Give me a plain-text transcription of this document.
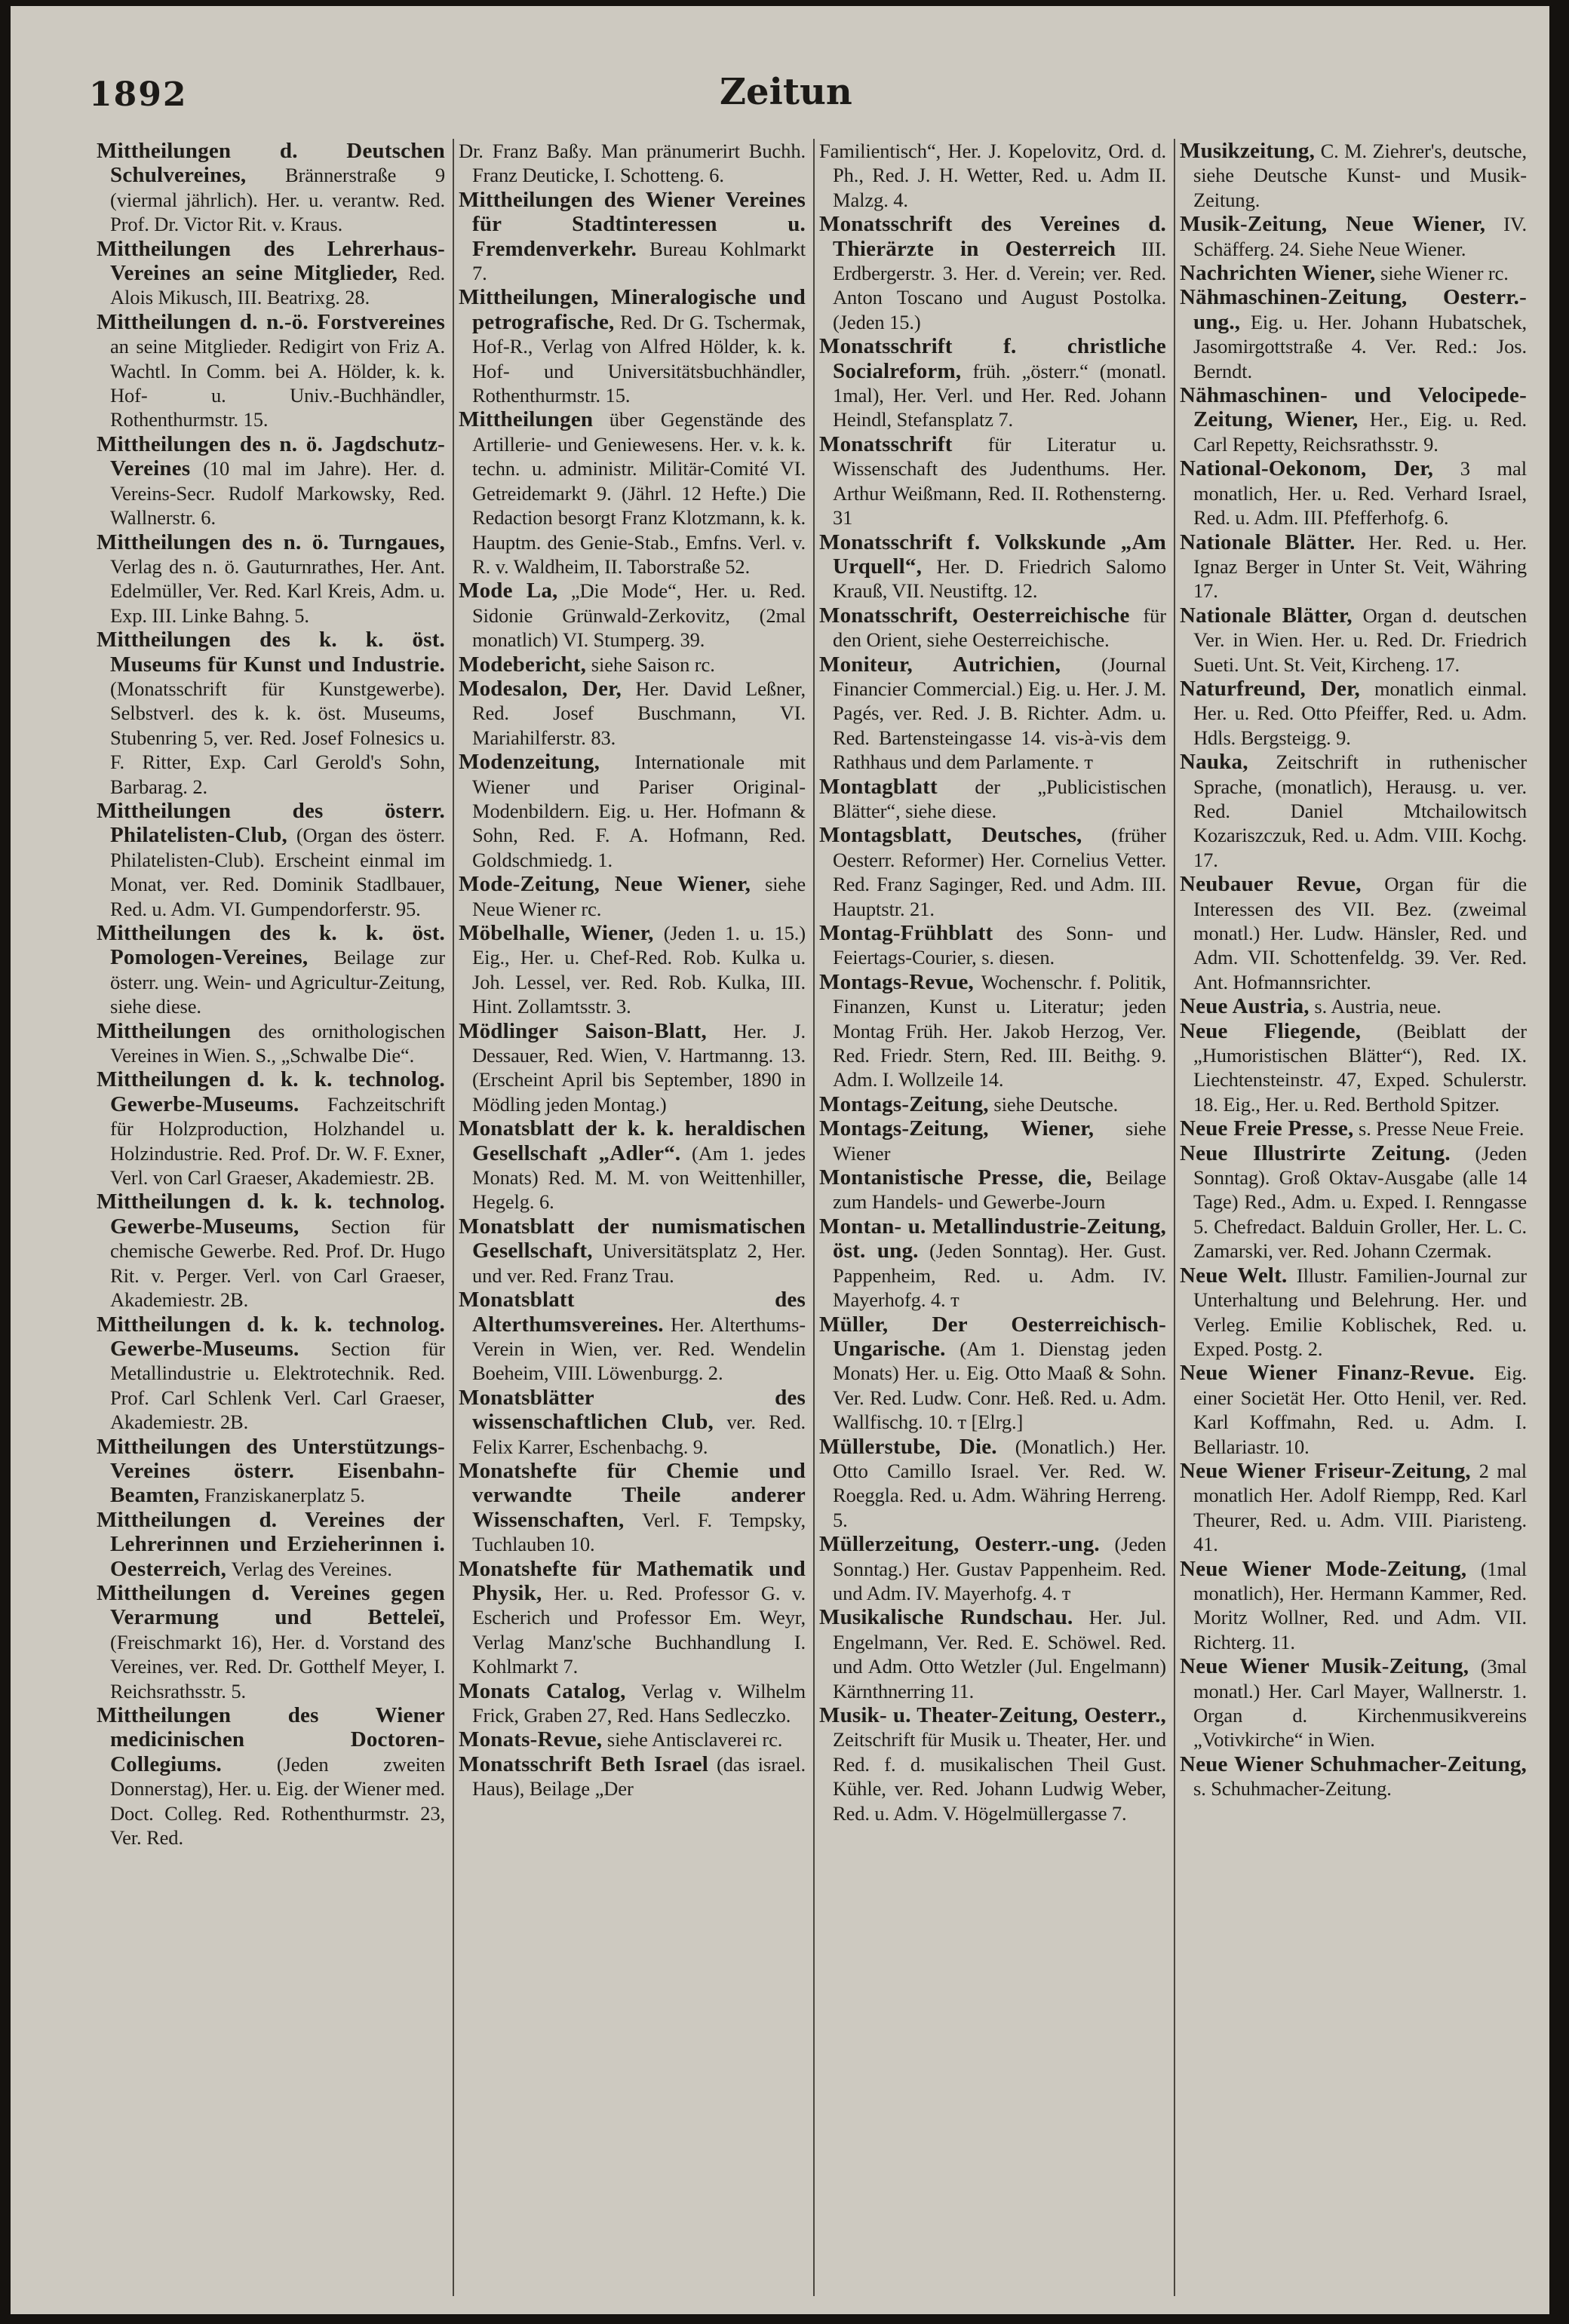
1892	Zeitun

Mittheilungen d. Deutschen Schulvereines, Brännerstraße 9 (viermal jährlich). Her. u. verantw. Red. Prof. Dr. Victor Rit. v. Kraus.

Mittheilungen des Lehrerhaus-Vereines an seine Mitglieder, Red. Alois Mikusch, III. Beatrixg. 28.

Mittheilungen d. n.-ö. Forstvereines an seine Mitglieder. Redigirt von Friz A. Wachtl. In Comm. bei A. Hölder, k. k. Hof- u. Univ.-Buchhändler, Rothenthurmstr. 15.

Mittheilungen des n. ö. Jagdschutz-Vereines (10 mal im Jahre). Her. d. Vereins-Secr. Rudolf Markowsky, Red. Wallnerstr. 6.

Mittheilungen des n. ö. Turngaues, Verlag des n. ö. Gauturnrathes, Her. Ant. Edelmüller, Ver. Red. Karl Kreis, Adm. u. Exp. III. Linke Bahng. 5.

Mittheilungen des k. k. öst. Museums für Kunst und Industrie. (Monatsschrift für Kunstgewerbe). Selbstverl. des k. k. öst. Museums, Stubenring 5, ver. Red. Josef Folnesics u. F. Ritter, Exp. Carl Gerold's Sohn, Barbarag. 2.

Mittheilungen des österr. Philatelisten-Club, (Organ des österr. Philatelisten-Club). Erscheint einmal im Monat, ver. Red. Dominik Stadlbauer, Red. u. Adm. VI. Gumpendorferstr. 95.

Mittheilungen des k. k. öst. Pomologen-Vereines, Beilage zur österr. ung. Wein- und Agricultur-Zeitung, siehe diese.

Mittheilungen des ornithologischen Vereines in Wien. S., „Schwalbe Die“.

Mittheilungen d. k. k. technolog. Gewerbe-Museums. Fachzeitschrift für Holzproduction, Holzhandel u. Holzindustrie. Red. Prof. Dr. W. F. Exner, Verl. von Carl Graeser, Akademiestr. 2B.

Mittheilungen d. k. k. technolog. Gewerbe-Museums, Section für chemische Gewerbe. Red. Prof. Dr. Hugo Rit. v. Perger. Verl. von Carl Graeser, Akademiestr. 2B.

Mittheilungen d. k. k. technolog. Gewerbe-Museums. Section für Metallindustrie u. Elektrotechnik. Red. Prof. Carl Schlenk Verl. Carl Graeser, Akademiestr. 2B.

Mittheilungen des Unterstützungs-Vereines österr. Eisenbahn-Beamten, Franziskanerplatz 5.

Mittheilungen d. Vereines der Lehrerinnen und Erzieherinnen i. Oesterreich, Verlag des Vereines.

Mittheilungen d. Vereines gegen Verarmung und Betteleï, (Freischmarkt 16), Her. d. Vorstand des Vereines, ver. Red. Dr. Gotthelf Meyer, I. Reichsrathsstr. 5.

Mittheilungen des Wiener medicinischen Doctoren-Collegiums.	(Jeden zweiten Donnerstag), Her. u. Eig. der Wiener med. Doct. Colleg. Red. Rothenthurmstr. 23, Ver. Red.

Dr. Franz Baßy. Man pränumerirt Buchh. Franz Deuticke, I. Schotteng. 6.

Mittheilungen des Wiener Vereines für Stadtinteressen u. Fremdenverkehr. Bureau Kohlmarkt 7.

Mittheilungen, Mineralogische und petrografische, Red. Dr G. Tschermak, Hof-R., Verlag von Alfred Hölder, k. k. Hof- und Universitätsbuchhändler, Rothenthurmstr. 15.

Mittheilungen über Gegenstände des Artillerie- und Geniewesens. Her. v. k. k. techn. u. administr. Militär-Comité VI. Getreidemarkt 9. (Jährl. 12 Hefte.) Die Redaction besorgt Franz Klotzmann, k. k. Hauptm. des Genie-Stab., Emfns. Verl. v. R. v. Waldheim, II. Taborstraße 52.

Mode La, „Die Mode“, Her. u. Red. Sidonie Grünwald-Zerkovitz, (2mal monatlich) VI. Stumperg. 39.

Modebericht, siehe Saison rc.

Modesalon, Der, Her. David Leßner, Red. Josef Buschmann, VI. Mariahilferstr. 83.

Modenzeitung, Internationale mit Wiener und Pariser Original-Modenbildern. Eig. u. Her. Hofmann & Sohn, Red. F. A. Hofmann, Red. Goldschmiedg. 1.

Mode-Zeitung, Neue Wiener, siehe Neue Wiener rc.

Möbelhalle, Wiener, (Jeden 1. u. 15.) Eig., Her. u. Chef-Red. Rob. Kulka u. Joh. Lessel, ver. Red. Rob. Kulka, III. Hint. Zollamtsstr. 3.

Mödlinger Saison-Blatt, Her. J. Dessauer, Red. Wien, V. Hartmanng. 13. (Erscheint April bis September, 1890 in Mödling jeden Montag.)

Monatsblatt der k. k. heraldischen Gesellschaft „Adler“. (Am 1. jedes Monats) Red. M. M. von Weittenhiller, Hegelg. 6.

Monatsblatt der numismatischen Gesellschaft, Universitätsplatz 2, Her. und ver. Red. Franz Trau.

Monatsblatt des Alterthumsvereines. Her. Alterthums-Verein in Wien, ver. Red. Wendelin Boeheim, VIII. Löwenburgg. 2.

Monatsblätter des wissenschaftlichen Club, ver. Red. Felix Karrer, Eschenbachg. 9.

Monatshefte für Chemie und verwandte Theile anderer Wissenschaften, Verl. F. Tempsky, Tuchlauben 10.

Monatshefte für Mathematik und Physik, Her. u. Red. Professor G. v. Escherich und Professor Em. Weyr, Verlag Manz'sche Buchhandlung I. Kohlmarkt 7.

Monats Catalog, Verlag v. Wilhelm Frick, Graben 27, Red. Hans Sedleczko.

Monats-Revue, siehe Antisclaverei rc.

Monatsschrift Beth Israel (das israel. Haus), Beilage „Der

Familientisch“, Her. J. Kopelovitz, Ord. d. Ph., Red. J. H. Wetter, Red. u. Adm II. Malzg. 4.

Monatsschrift des Vereines d. Thierärzte in Oesterreich III. Erdbergerstr. 3. Her. d. Verein; ver. Red. Anton Toscano und August Postolka. (Jeden 15.)

Monatsschrift f. christliche Socialreform, früh. „österr.“ (monatl. 1mal), Her. Verl. und Her. Red. Johann Heindl, Stefansplatz 7.

Monatsschrift für Literatur u. Wissenschaft des Judenthums. Her. Arthur Weißmann, Red. II. Rothensterng. 31

Monatsschrift f. Volkskunde „Am Urquell“, Her. D. Friedrich Salomo Krauß, VII. Neustiftg. 12.

Monatsschrift, Oesterreichische für den Orient, siehe Oesterreichische.

Moniteur, Autrichien, (Journal Financier Commercial.) Eig. u. Her. J. M. Pagés, ver. Red. J. B. Richter. Adm. u. Red. Bartensteingasse 14. vis-à-vis dem Rathhaus und dem Parlamente. ᴛ

Montagblatt der „Publicistischen Blätter“, siehe diese.

Montagsblatt, Deutsches, (früher Oesterr. Reformer) Her. Cornelius Vetter. Red. Franz Saginger, Red. und Adm. III. Hauptstr. 21.

Montag-Frühblatt des Sonn- und Feiertags-Courier, s. diesen.

Montags-Revue, Wochenschr. f. Politik, Finanzen, Kunst u. Literatur; jeden Montag Früh. Her. Jakob Herzog, Ver. Red. Friedr. Stern, Red. III. Beithg. 9. Adm. I. Wollzeile 14.

Montags-Zeitung, siehe Deutsche.

Montags-Zeitung, Wiener, siehe Wiener

Montanistische Presse, die, Beilage zum Handels- und Gewerbe-Journ

Montan- u. Metallindustrie-Zeitung, öst. ung. (Jeden Sonntag). Her. Gust. Pappenheim, Red. u. Adm. IV. Mayerhofg. 4. ᴛ

Müller, Der Oesterreichisch-Ungarische. (Am 1. Dienstag jeden Monats) Her. u. Eig. Otto Maaß & Sohn. Ver. Red. Ludw. Conr. Heß. Red. u. Adm. Wallfischg. 10. ᴛ [Elrg.]

Müllerstube, Die. (Monatlich.) Her. Otto Camillo Israel. Ver. Red. W. Roeggla. Red. u. Adm. Währing Herreng. 5.

Müllerzeitung, Oesterr.-ung. (Jeden Sonntag.) Her. Gustav Pappenheim. Red. und Adm. IV. Mayerhofg. 4. ᴛ

Musikalische Rundschau. Her. Jul. Engelmann, Ver. Red. E. Schöwel. Red. und Adm. Otto Wetzler (Jul. Engelmann) Kärnthnerring 11.

Musik- u. Theater-Zeitung, Oesterr., Zeitschrift für Musik u. Theater, Her. und Red. f. d. musikalischen Theil Gust. Kühle, ver. Red. Johann Ludwig Weber, Red. u. Adm. V. Högelmüllergasse 7.

Musikzeitung, C. M. Ziehrer's, deutsche, siehe Deutsche Kunst- und Musik-Zeitung.

Musik-Zeitung, Neue Wiener, IV. Schäfferg. 24. Siehe Neue Wiener.

Nachrichten Wiener, siehe Wiener rc.

Nähmaschinen-Zeitung, Oesterr.-ung., Eig. u. Her. Johann Hubatschek, Jasomirgottstraße 4. Ver. Red.: Jos. Berndt.

Nähmaschinen- und Velocipede-Zeitung, Wiener, Her., Eig. u. Red. Carl Repetty, Reichsrathsstr. 9.

National-Oekonom, Der, 3 mal monatlich, Her. u. Red. Verhard Israel, Red. u. Adm. III. Pfefferhofg. 6.

Nationale Blätter. Her. Red. u. Her. Ignaz Berger in Unter St. Veit, Währing 17.

Nationale Blätter, Organ d. deutschen Ver. in Wien. Her. u. Red. Dr. Friedrich Sueti. Unt. St. Veit, Kircheng. 17.

Naturfreund, Der, monatlich einmal. Her. u. Red. Otto Pfeiffer, Red. u. Adm. Hdls. Bergsteigg. 9.

Nauka, Zeitschrift in ruthenischer Sprache, (monatlich), Herausg. u. ver. Red. Daniel Mtchailowitsch Kozariszczuk, Red. u. Adm. VIII. Kochg. 17.

Neubauer Revue, Organ für die Interessen des VII. Bez. (zweimal monatl.) Her. Ludw. Hänsler, Red. und Adm. VII. Schottenfeldg. 39. Ver. Red. Ant. Hofmannsrichter.

Neue Austria, s. Austria, neue.

Neue Fliegende, (Beiblatt der „Humoristischen Blätter“), Red. IX. Liechtensteinstr. 47, Exped. Schulerstr. 18. Eig., Her. u. Red. Berthold Spitzer.

Neue Freie Presse, s. Presse Neue Freie.

Neue Illustrirte Zeitung. (Jeden Sonntag). Groß Oktav-Ausgabe (alle 14 Tage) Red., Adm. u. Exped. I. Renngasse 5. Chefredact. Balduin Groller, Her. L. C. Zamarski, ver. Red. Johann Czermak.

Neue Welt. Illustr. Familien-Journal zur Unterhaltung und Belehrung. Her. und Verleg. Emilie Koblischek, Red. u. Exped. Postg. 2.

Neue Wiener Finanz-Revue. Eig. einer Societät Her. Otto Henil, ver. Red. Karl Koffmahn, Red. u. Adm. I. Bellariastr. 10.

Neue Wiener Friseur-Zeitung, 2 mal monatlich Her. Adolf Riempp, Red. Karl Theurer, Red. u. Adm. VIII. Piaristeng. 41.

Neue Wiener Mode-Zeitung, (1mal monatlich), Her. Hermann Kammer, Red. Moritz Wollner, Red. und Adm. VII. Richterg. 11.

Neue Wiener Musik-Zeitung, (3mal monatl.) Her. Carl Mayer, Wallnerstr. 1. Organ d. Kirchenmusikvereins „Votivkirche“ in Wien.

Neue Wiener Schuhmacher-Zeitung, s. Schuhmacher-Zeitung.
